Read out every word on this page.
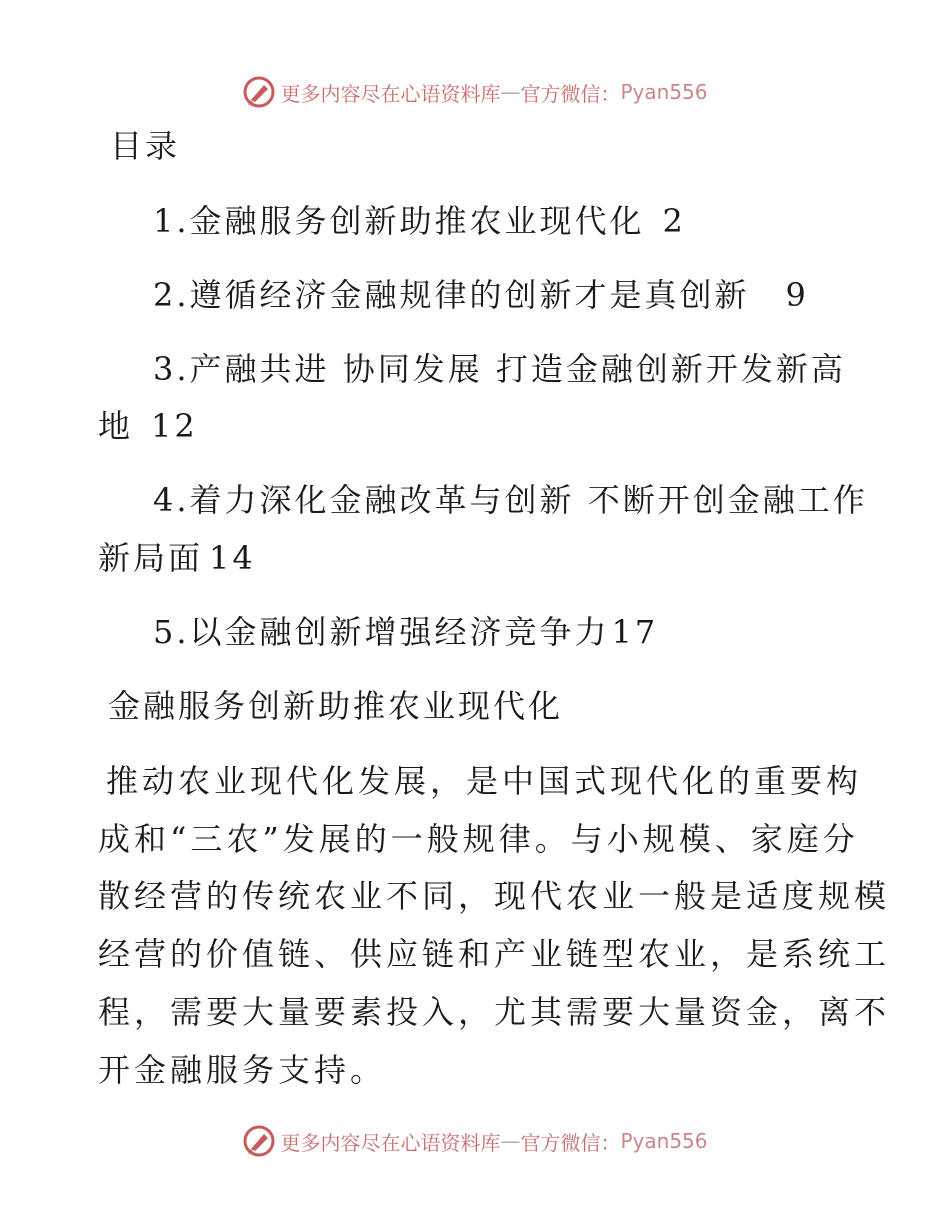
更多内容尽在心语资料库 — 官方微信： Pyan556
目录
1.金融服务创新助推农业现代化 2
2.遵循经济金融规律的创新才是真创新 9
3.产融共进 协同发展 打造金融创新开发新高
地 12
4.着力深化金融改革与创新 不断开创金融工作
新局面 14
5.以金融创新增强经济竞争力17
金融服务创新助推农业现代化
推动农业现代化发展，是中国式现代化的重要构
成和“三农”发展的一般规律。与小规模、家庭分
散经营的传统农业不同，现代农业一般是适度规模
经营的价值链、供应链和产业链型农业，是系统工
程，需要大量要素投入，尤其需要大量资金，离不
开金融服务支持。
更多内容尽在心语资料库 — 官方微信： Pyan556
